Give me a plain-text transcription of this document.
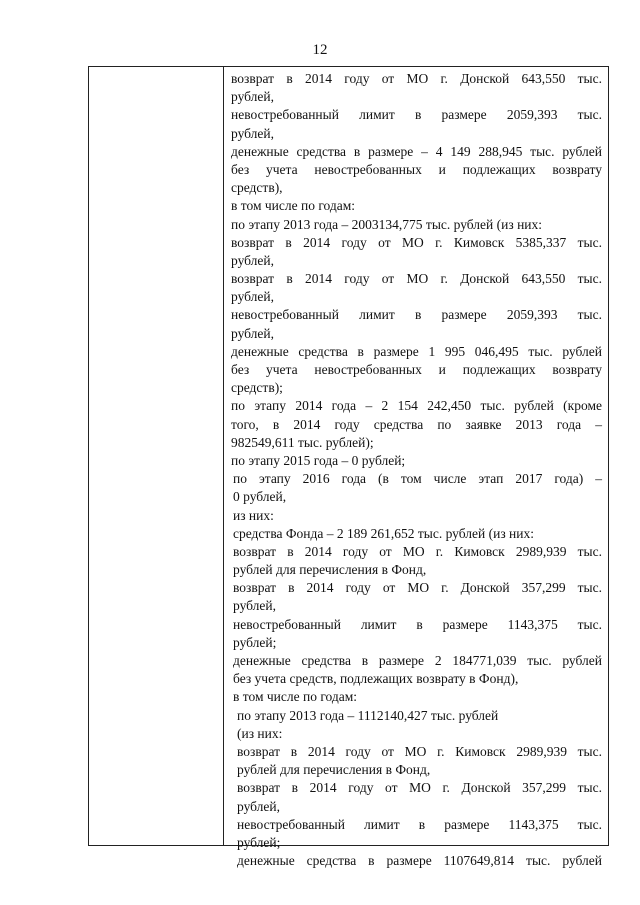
12
возврат в 2014 году от МО г. Донской 643,550 тыс.
рублей,
невостребованный лимит в размере 2059,393 тыс.
рублей,
денежные средства в размере – 4 149 288,945 тыс. рублей
без учета невостребованных и подлежащих возврату
средств),
в том числе по годам:
по этапу 2013 года – 2003134,775 тыс. рублей (из них:
возврат в 2014 году от МО г. Кимовск 5385,337 тыс.
рублей,
возврат в 2014 году от МО г. Донской 643,550 тыс.
рублей,
невостребованный лимит в размере 2059,393 тыс.
рублей,
денежные средства в размере 1 995 046,495 тыс. рублей
без учета невостребованных и подлежащих возврату
средств);
по этапу 2014 года – 2 154 242,450 тыс. рублей (кроме
того, в 2014 году средства по заявке 2013 года –
982549,611 тыс. рублей);
по этапу 2015 года – 0 рублей;
по этапу 2016 года (в том числе этап 2017 года) –
0 рублей,
из них:
средства Фонда – 2 189 261,652 тыс. рублей (из них:
возврат в 2014 году от МО г. Кимовск 2989,939 тыс.
рублей для перечисления в Фонд,
возврат в 2014 году от МО г. Донской 357,299 тыс.
рублей,
невостребованный лимит в размере 1143,375 тыс.
рублей;
денежные средства в размере 2 184771,039 тыс. рублей
без учета средств, подлежащих возврату в Фонд),
в том числе по годам:
по этапу 2013 года – 1112140,427 тыс. рублей
(из них:
возврат в 2014 году от МО г. Кимовск 2989,939 тыс.
рублей для перечисления в Фонд,
возврат в 2014 году от МО г. Донской 357,299 тыс.
рублей,
невостребованный лимит в размере 1143,375 тыс.
рублей;
денежные средства в размере 1107649,814 тыс. рублей
